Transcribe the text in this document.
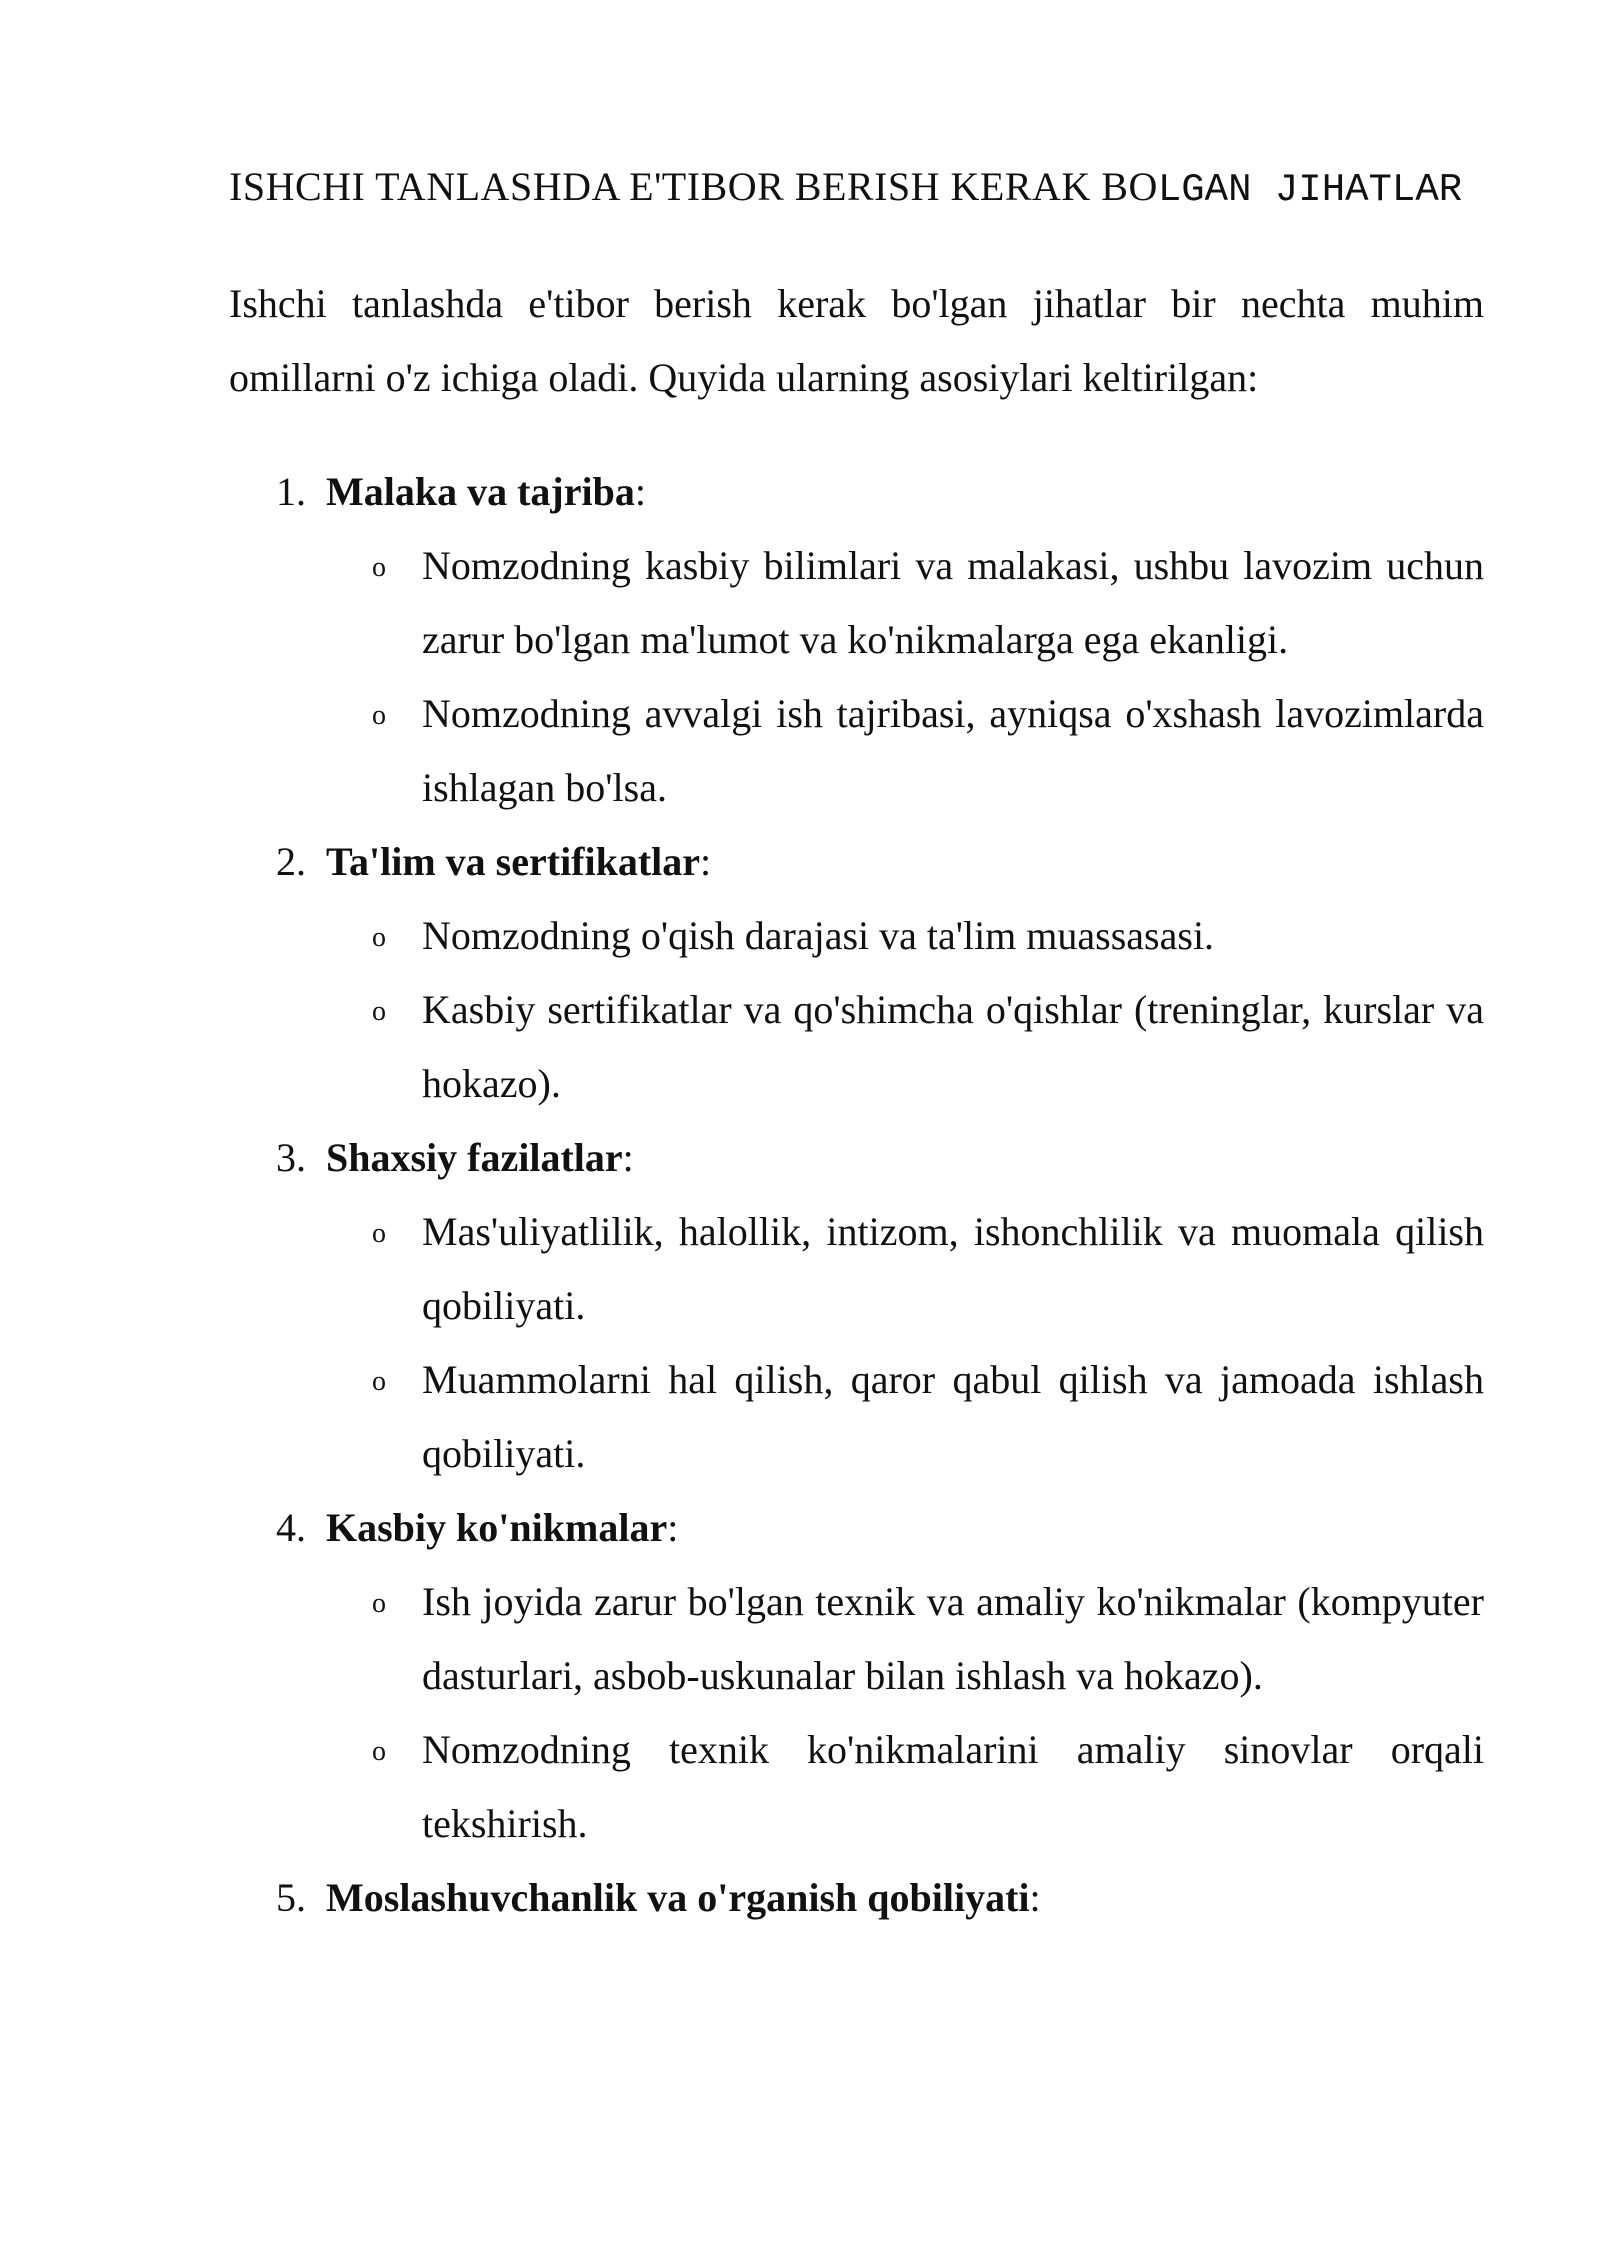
ISHCHI TANLASHDA E'TIBOR BERISH KERAK BOLGAN JIHATLAR

Ishchi tanlashda e'tibor berish kerak bo'lgan jihatlar bir nechta muhim omillarni o'z ichiga oladi. Quyida ularning asosiylari keltirilgan:

1. Malaka va tajriba:
o Nomzodning kasbiy bilimlari va malakasi, ushbu lavozim uchun zarur bo'lgan ma'lumot va ko'nikmalarga ega ekanligi.
o Nomzodning avvalgi ish tajribasi, ayniqsa o'xshash lavozimlarda ishlagan bo'lsa.
2. Ta'lim va sertifikatlar:
o Nomzodning o'qish darajasi va ta'lim muassasasi.
o Kasbiy sertifikatlar va qo'shimcha o'qishlar (treninglar, kurslar va hokazo).
3. Shaxsiy fazilatlar:
o Mas'uliyatlilik, halollik, intizom, ishonchlilik va muomala qilish qobiliyati.
o Muammolarni hal qilish, qaror qabul qilish va jamoada ishlash qobiliyati.
4. Kasbiy ko'nikmalar:
o Ish joyida zarur bo'lgan texnik va amaliy ko'nikmalar (kompyuter dasturlari, asbob-uskunalar bilan ishlash va hokazo).
o Nomzodning texnik ko'nikmalarini amaliy sinovlar orqali tekshirish.
5. Moslashuvchanlik va o'rganish qobiliyati:
